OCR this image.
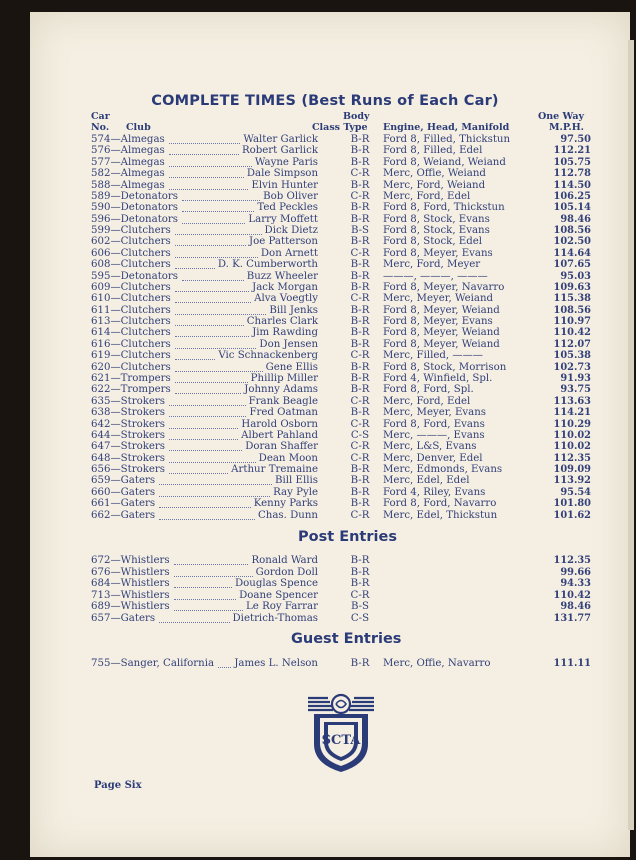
COMPLETE TIMES (Best Runs of Each Car)
Car
No. Club
Body
Class Type Engine, Head, Manifold
One Way
M.P.H.
574—Almegas	Walter Garlick	B-R	Ford 8, Filled, Thickstun	97.50
576—Almegas	Robert Garlick	B-R	Ford 8, Filled, Edel	112.21
577—Almegas	Wayne Paris	B-R	Ford 8, Weiand, Weiand	105.75
582—Almegas	Dale Simpson	C-R	Merc, Offie, Weiand	112.78
588—Almegas	Elvin Hunter	B-R	Merc, Ford, Weiand	114.50
589—Detonators	Bob Oliver	C-R	Merc, Ford, Edel	106.25
590—Detonators	Ted Peckles	B-R	Ford 8, Ford, Thickstun	105.14
596—Detonators	Larry Moffett	B-R	Ford 8, Stock, Evans	98.46
599—Clutchers	Dick Dietz	B-S	Ford 8, Stock, Evans	108.56
602—Clutchers	Joe Patterson	B-R	Ford 8, Stock, Edel	102.50
606—Clutchers	Don Arnett	C-R	Ford 8, Meyer, Evans	114.64
608—Clutchers	D. K. Cumberworth	B-R	Merc, Ford, Meyer	107.65
595—Detonators	Buzz Wheeler	B-R	———, ———, ———	95.03
609—Clutchers	Jack Morgan	B-R	Ford 8, Meyer, Navarro	109.63
610—Clutchers	Alva Voegtly	C-R	Merc, Meyer, Weiand	115.38
611—Clutchers	Bill Jenks	B-R	Ford 8, Meyer, Weiand	108.56
613—Clutchers	Charles Clark	B-R	Ford 8, Meyer, Evans	110.97
614—Clutchers	Jim Rawding	B-R	Ford 8, Meyer, Weiand	110.42
616—Clutchers	Don Jensen	B-R	Ford 8, Meyer, Weiand	112.07
619—Clutchers	Vic Schnackenberg	C-R	Merc, Filled, ———	105.38
620—Clutchers	Gene Ellis	B-R	Ford 8, Stock, Morrison	102.73
621—Trompers	Phillip Miller	B-R	Ford 4, Winfield, Spl.	91.93
622—Trompers	Johnny Adams	B-R	Ford 8, Ford, Spl.	93.75
635—Strokers	Frank Beagle	C-R	Merc, Ford, Edel	113.63
638—Strokers	Fred Oatman	B-R	Merc, Meyer, Evans	114.21
642—Strokers	Harold Osborn	C-R	Ford 8, Ford, Evans	110.29
644—Strokers	Albert Pahland	C-S	Merc, ———, Evans	110.02
647—Strokers	Doran Shaffer	C-R	Merc, L&S, Evans	110.02
648—Strokers	Dean Moon	C-R	Merc, Denver, Edel	112.35
656—Strokers	Arthur Tremaine	B-R	Merc, Edmonds, Evans	109.09
659—Gaters	Bill Ellis	B-R	Merc, Edel, Edel	113.92
660—Gaters	Ray Pyle	B-R	Ford 4, Riley, Evans	95.54
661—Gaters	Kenny Parks	B-R	Ford 8, Ford, Navarro	101.80
662—Gaters	Chas. Dunn	C-R	Merc, Edel, Thickstun	101.62
Post Entries
672—Whistlers	Ronald Ward	B-R	112.35
676—Whistlers	Gordon Doll	B-R	99.66
684—Whistlers	Douglas Spence	B-R	94.33
713—Whistlers	Doane Spencer	C-R	110.42
689—Whistlers	Le Roy Farrar	B-S	98.46
657—Gaters	Dietrich-Thomas	C-S	131.77
Guest Entries
755—Sanger, California James L. Nelson	B-R	Merc, Offie, Navarro	111.11
SCTA
Page Six
